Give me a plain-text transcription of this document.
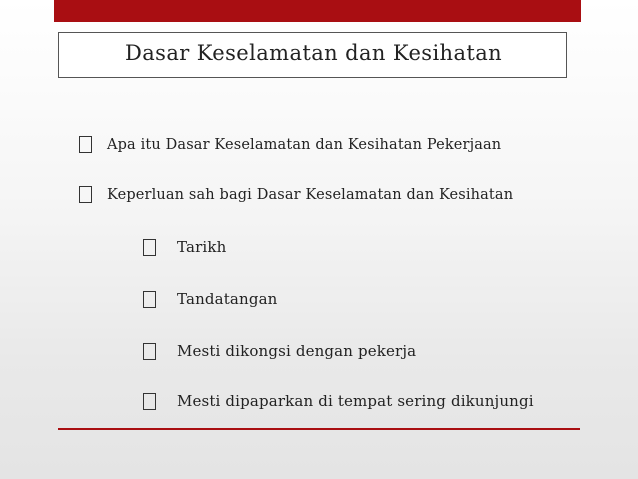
Dasar Keselamatan dan Kesihatan
Apa itu Dasar Keselamatan dan Kesihatan Pekerjaan
Keperluan sah bagi Dasar Keselamatan dan Kesihatan
Tarikh
Tandatangan
Mesti dikongsi dengan pekerja
Mesti dipaparkan di tempat sering dikunjungi
